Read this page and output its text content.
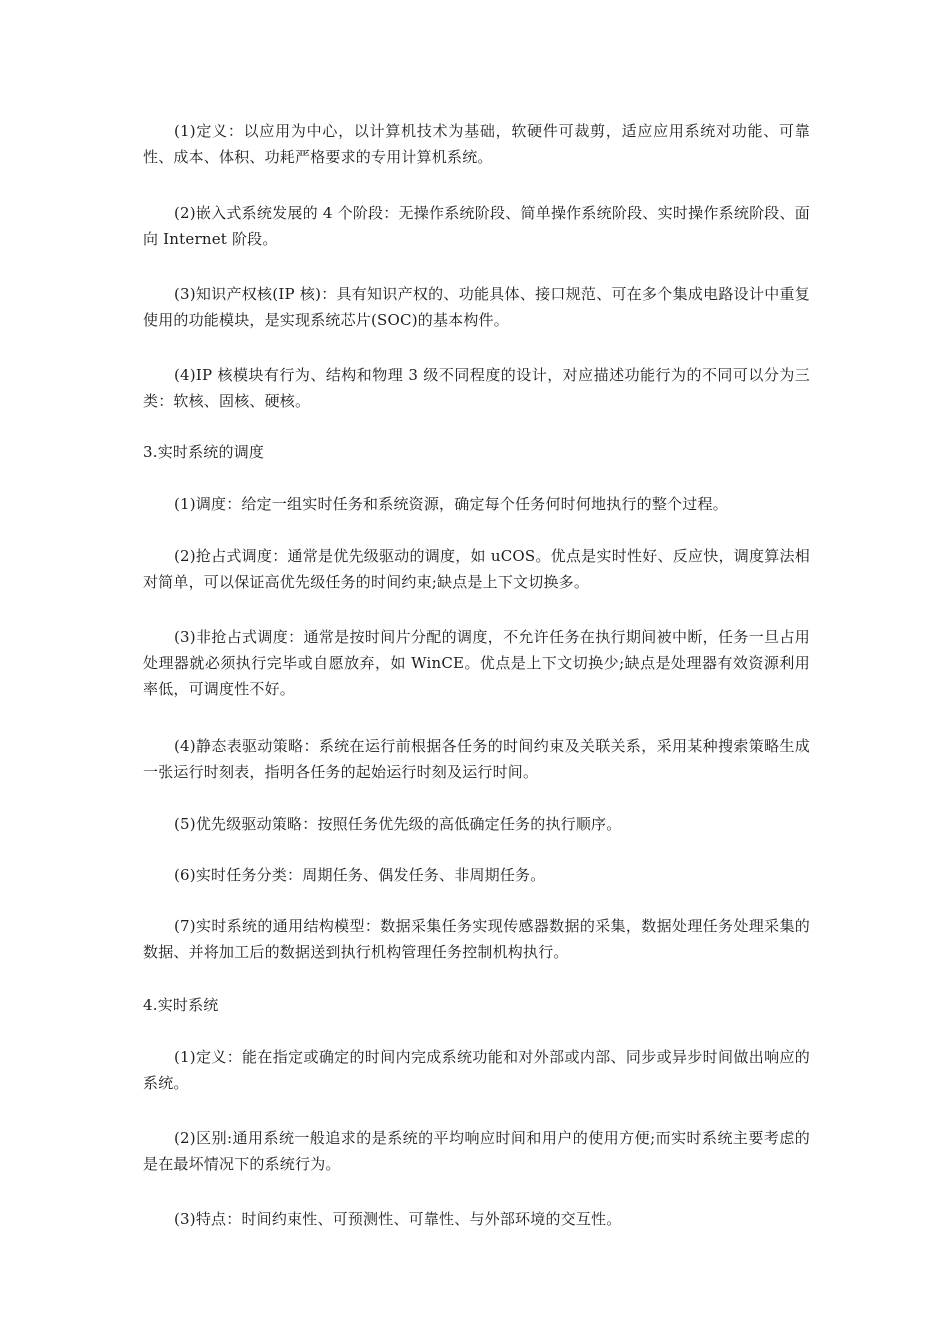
(1)定义：以应用为中心，以计算机技术为基础，软硬件可裁剪，适应应用系统对功能、可靠性、成本、体积、功耗严格要求的专用计算机系统。
(2)嵌入式系统发展的 4 个阶段：无操作系统阶段、简单操作系统阶段、实时操作系统阶段、面向 Internet 阶段。
(3)知识产权核(IP 核)：具有知识产权的、功能具体、接口规范、可在多个集成电路设计中重复使用的功能模块，是实现系统芯片(SOC)的基本构件。
(4)IP 核模块有行为、结构和物理 3 级不同程度的设计，对应描述功能行为的不同可以分为三类：软核、固核、硬核。
3.实时系统的调度
(1)调度：给定一组实时任务和系统资源，确定每个任务何时何地执行的整个过程。
(2)抢占式调度：通常是优先级驱动的调度，如 uCOS。优点是实时性好、反应快，调度算法相对简单，可以保证高优先级任务的时间约束;缺点是上下文切换多。
(3)非抢占式调度：通常是按时间片分配的调度，不允许任务在执行期间被中断，任务一旦占用处理器就必须执行完毕或自愿放弃，如 WinCE。优点是上下文切换少;缺点是处理器有效资源利用率低，可调度性不好。
(4)静态表驱动策略：系统在运行前根据各任务的时间约束及关联关系，采用某种搜索策略生成一张运行时刻表，指明各任务的起始运行时刻及运行时间。
(5)优先级驱动策略：按照任务优先级的高低确定任务的执行顺序。
(6)实时任务分类：周期任务、偶发任务、非周期任务。
(7)实时系统的通用结构模型：数据采集任务实现传感器数据的采集，数据处理任务处理采集的数据、并将加工后的数据送到执行机构管理任务控制机构执行。
4.实时系统
(1)定义：能在指定或确定的时间内完成系统功能和对外部或内部、同步或异步时间做出响应的系统。
(2)区别:通用系统一般追求的是系统的平均响应时间和用户的使用方便;而实时系统主要考虑的是在最坏情况下的系统行为。
(3)特点：时间约束性、可预测性、可靠性、与外部环境的交互性。
